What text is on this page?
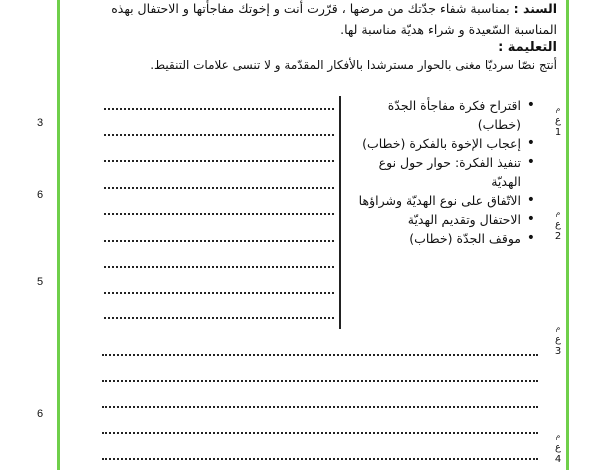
السند : بمناسبة شفاء جدّتك من مرضها ، قرّرت أنت و إخوتك مفاجأتها و الاحتفال بهذه
المناسبة السّعيدة و شراء هديّة مناسبة لها.
التعليمة :
أنتج نصّا سرديّا مغنى بالحوار مسترشدا بالأفكار المقدّمة و لا تنسى علامات التنقيط.
• اقتراح فكرة مفاجأة الجدّة (خطاب)
• إعجاب الإخوة بالفكرة (خطاب)
• تنفيذ الفكرة: حوار حول نوع الهديّة
• الاتّفاق على نوع الهديّة وشراؤها
• الاحتفال وتقديم الهديّة
• موقف الجدّة (خطاب)
3
6
5
6
م
ع 1
م
ع 2
م
ع 3
م
ع 4
